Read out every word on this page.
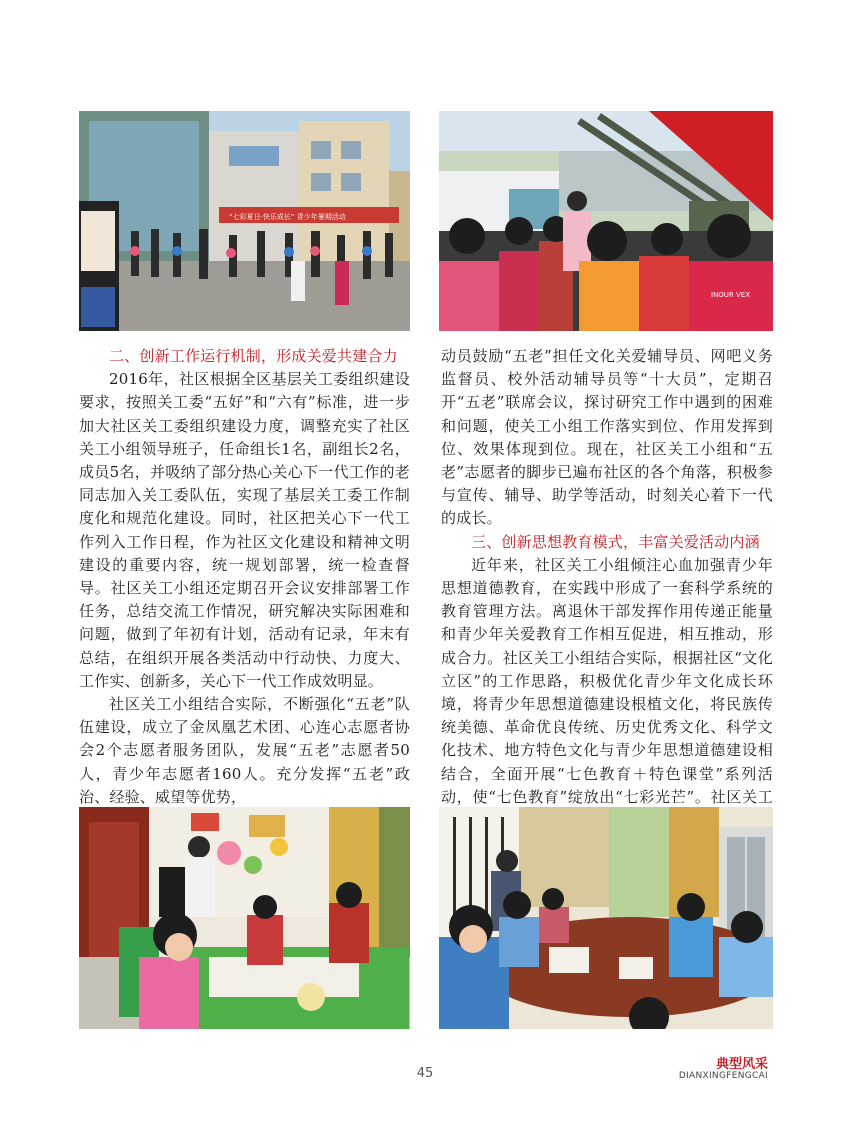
“七彩夏日·快乐成长” 青少年暑期活动
INOUR VEX

二、创新工作运行机制，形成关爱共建合力

2016年，社区根据全区基层关工委组织建设要求，按照关工委“五好”和“六有”标准，进一步加大社区关工委组织建设力度，调整充实了社区关工小组领导班子，任命组长1名，副组长2名，成员5名，并吸纳了部分热心关心下一代工作的老同志加入关工委队伍，实现了基层关工委工作制度化和规范化建设。同时，社区把关心下一代工作列入工作日程，作为社区文化建设和精神文明建设的重要内容，统一规划部署，统一检查督导。社区关工小组还定期召开会议安排部署工作任务，总结交流工作情况，研究解决实际困难和问题，做到了年初有计划，活动有记录，年末有总结，在组织开展各类活动中行动快、力度大、工作实、创新多，关心下一代工作成效明显。

社区关工小组结合实际，不断强化“五老”队伍建设，成立了金凤凰艺术团、心连心志愿者协会2个志愿者服务团队，发展“五老”志愿者50人，青少年志愿者160人。充分发挥“五老”政治、经验、威望等优势，

动员鼓励“五老”担任文化关爱辅导员、网吧义务监督员、校外活动辅导员等“十大员”，定期召开“五老”联席会议，探讨研究工作中遇到的困难和问题，使关工小组工作落实到位、作用发挥到位、效果体现到位。现在，社区关工小组和“五老”志愿者的脚步已遍布社区的各个角落，积极参与宣传、辅导、助学等活动，时刻关心着下一代的成长。

三、创新思想教育模式，丰富关爱活动内涵

近年来，社区关工小组倾注心血加强青少年思想道德教育，在实践中形成了一套科学系统的教育管理方法。离退休干部发挥作用传递正能量和青少年关爱教育工作相互促进，相互推动，形成合力。社区关工小组结合实际，根据社区“文化立区”的工作思路，积极优化青少年文化成长环境，将青少年思想道德建设根植文化，将民族传统美德、革命优良传统、历史优秀文化、科学文化技术、地方特色文化与青少年思想道德建设相结合，全面开展“七色教育＋特色课堂”系列活动，使“七色教育”绽放出“七彩光芒”。社区关工

45
典型风采
DIANXINGFENGCAI
